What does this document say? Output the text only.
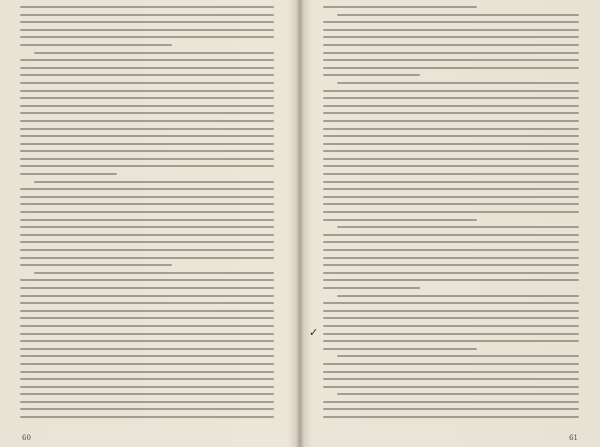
60
✓
61
